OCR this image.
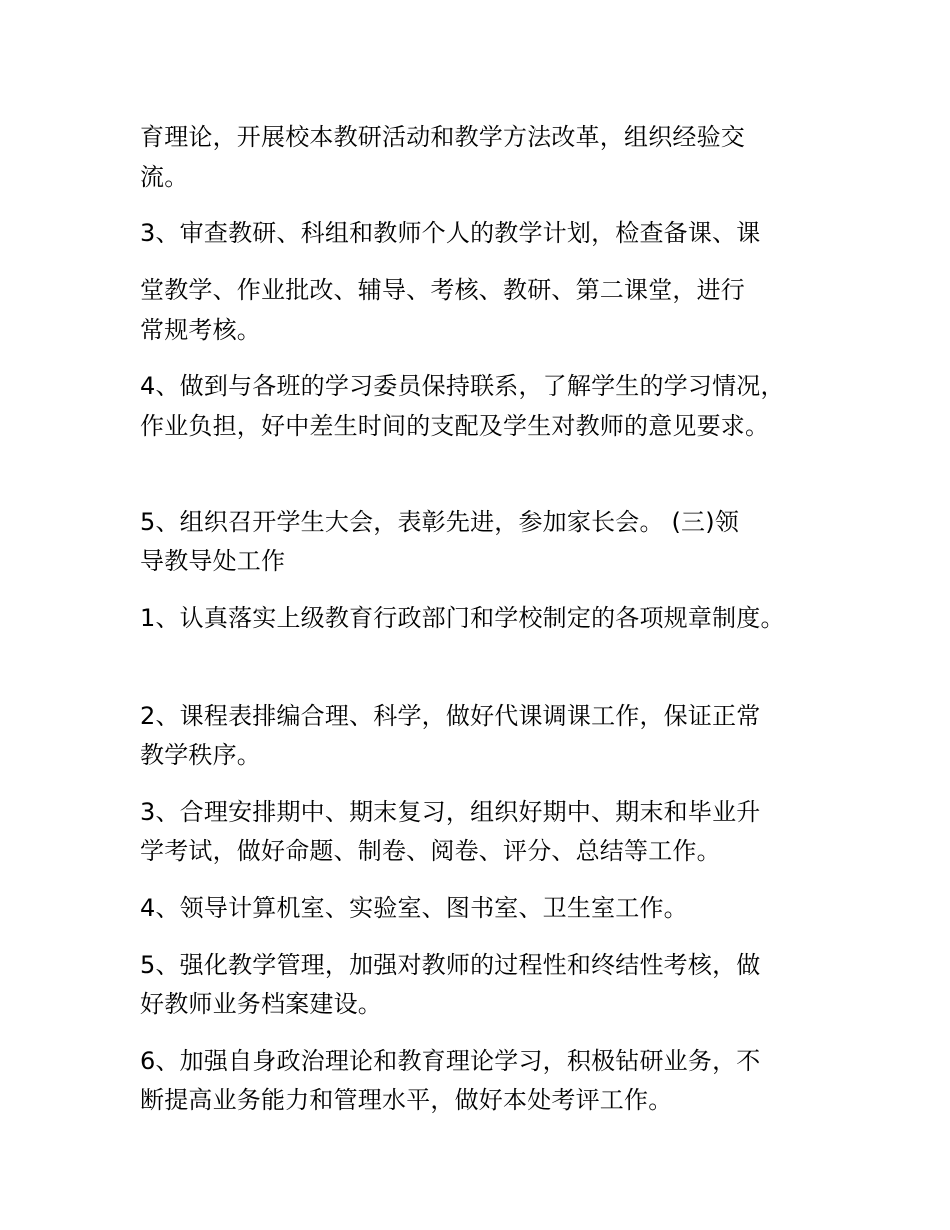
育理论，开展校本教研活动和教学方法改革，组织经验交
流。
3、审查教研、科组和教师个人的教学计划，检查备课、课
堂教学、作业批改、辅导、考核、教研、第二课堂，进行
常规考核。
4、做到与各班的学习委员保持联系，了解学生的学习情况，
作业负担，好中差生时间的支配及学生对教师的意见要求。
5、组织召开学生大会，表彰先进，参加家长会。 (三)领
导教导处工作
1、认真落实上级教育行政部门和学校制定的各项规章制度。
2、课程表排编合理、科学，做好代课调课工作，保证正常
教学秩序。
3、合理安排期中、期末复习，组织好期中、期末和毕业升
学考试，做好命题、制卷、阅卷、评分、总结等工作。
4、领导计算机室、实验室、图书室、卫生室工作。
5、强化教学管理，加强对教师的过程性和终结性考核，做
好教师业务档案建设。
6、加强自身政治理论和教育理论学习，积极钻研业务，不
断提高业务能力和管理水平，做好本处考评工作。
